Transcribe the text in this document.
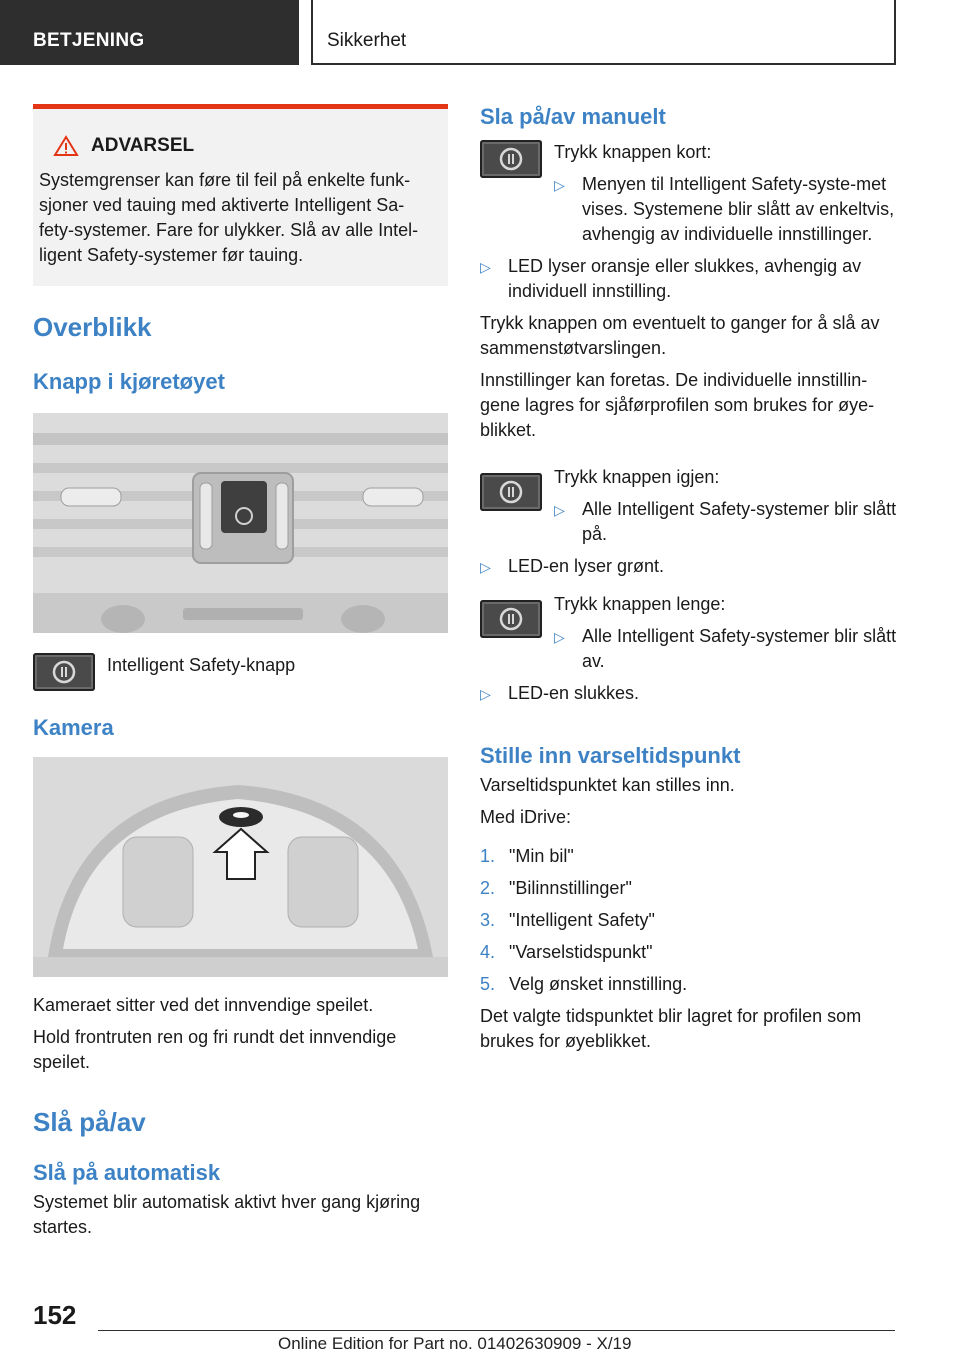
BETJENING	Sikkerhet
ADVARSEL

Systemgrenser kan føre til feil på enkelte funk-sjoner ved tauing med aktiverte Intelligent Sa-fety-systemer. Fare for ulykker. Slå av alle Intel-ligent Safety-systemer før tauing.

Overblikk
Knapp i kjøretøyet

Intelligent Safety-knapp

Kamera

Kameraet sitter ved det innvendige speilet.

Hold frontruten ren og fri rundt det innvendige speilet.

Slå på/av
Slå på automatisk

Systemet blir automatisk aktivt hver gang kjøring startes.

Sla på/av manuelt

Trykk knappen kort:

▷ Menyen til Intelligent Safety-syste-met vises. Systemene blir slått av enkeltvis, avhengig av individuelle innstillinger.
▷ LED lyser oransje eller slukkes, avhengig av individuell innstilling.

Trykk knappen om eventuelt to ganger for å slå av sammenstøtvarslingen.

Innstillinger kan foretas. De individuelle innstillin-gene lagres for sjåførprofilen som brukes for øye-blikket.

Trykk knappen igjen:

▷ Alle Intelligent Safety-systemer blir slått på.
▷ LED-en lyser grønt.

Trykk knappen lenge:

▷ Alle Intelligent Safety-systemer blir slått av.
▷ LED-en slukkes.
Stille inn varseltidspunkt

Varseltidspunktet kan stilles inn.

Med iDrive:

1. "Min bil"
2. "Bilinnstillinger"
3. "Intelligent Safety"
4. "Varselstidspunkt"
5. Velg ønsket innstilling.

Det valgte tidspunktet blir lagret for profilen som brukes for øyeblikket.

152
Online Edition for Part no. 01402630909 - X/19
